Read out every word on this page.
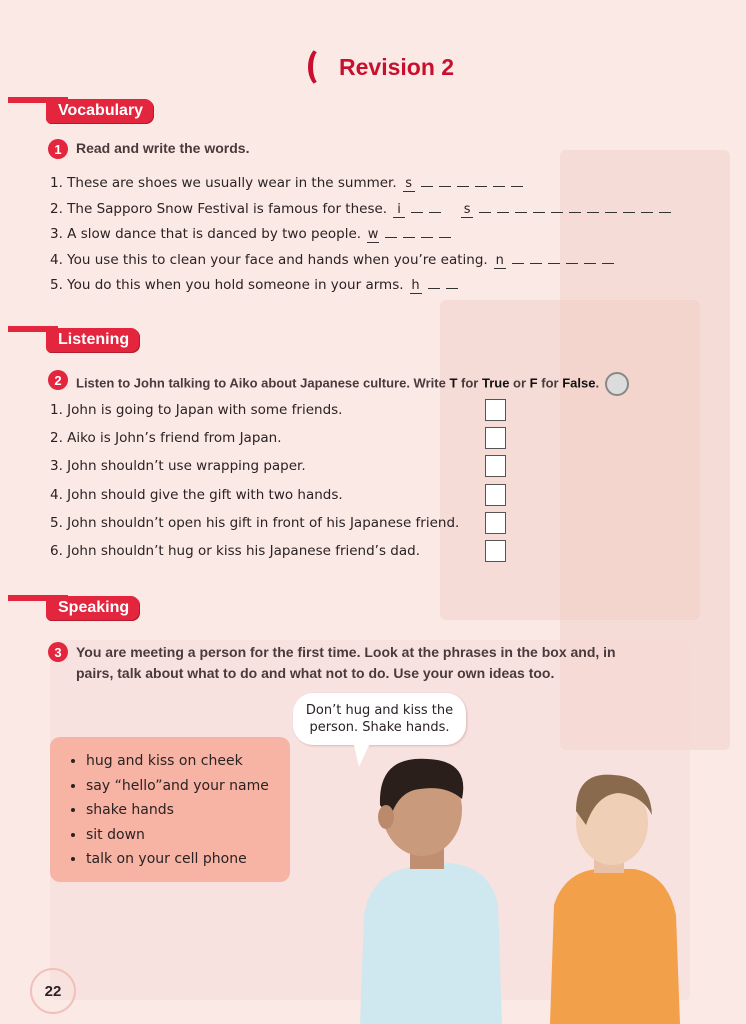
Revision 2
Vocabulary
1	Read and write the words.
1. These are shoes we usually wear in the summer. s
2. The Sapporo Snow Festival is famous for these. i	s
3. A slow dance that is danced by two people. w
4. You use this to clean your face and hands when you’re eating. n
5. You do this when you hold someone in your arms. h
Listening
2	Listen to John talking to Aiko about Japanese culture. Write T for True or F for False.
1. John is going to Japan with some friends.
2. Aiko is John’s friend from Japan.
3. John shouldn’t use wrapping paper.
4. John should give the gift with two hands.
5. John shouldn’t open his gift in front of his Japanese friend.
6. John shouldn’t hug or kiss his Japanese friend’s dad.
Speaking
3	You are meeting a person for the first time. Look at the phrases in the box and, in
pairs, talk about what to do and what not to do. Use your own ideas too.
• hug and kiss on cheek
• say “hello”and your name
• shake hands
• sit down
• talk on your cell phone
Don’t hug and kiss the
person. Shake hands.
22
